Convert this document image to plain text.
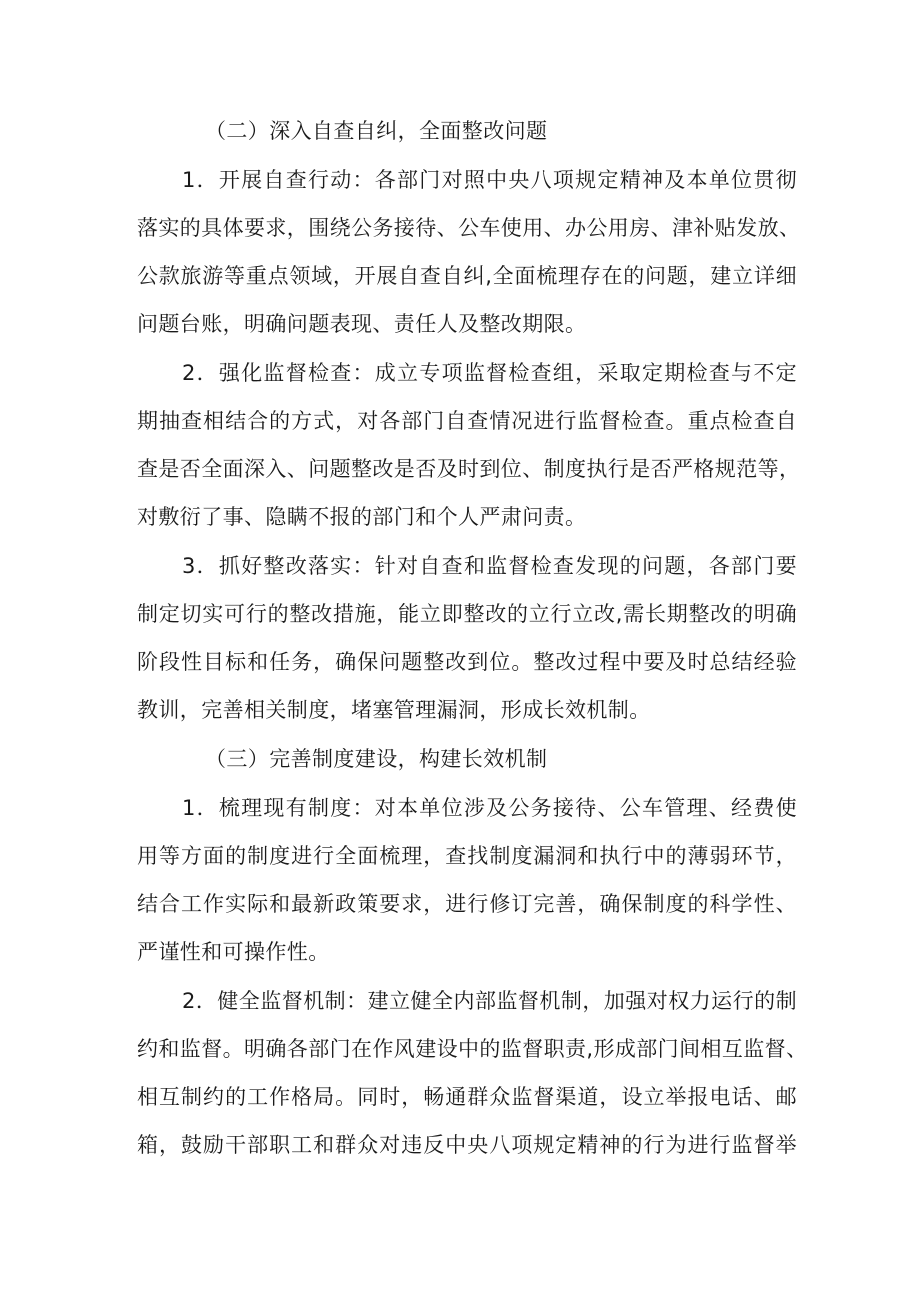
（二）深入自查自纠，全面整改问题
1．开展自查行动：各部门对照中央八项规定精神及本单位贯彻
落实的具体要求，围绕公务接待、公车使用、办公用房、津补贴发放、
公款旅游等重点领域，开展自查自纠,全面梳理存在的问题，建立详细
问题台账，明确问题表现、责任人及整改期限。
2．强化监督检查：成立专项监督检查组，采取定期检查与不定
期抽查相结合的方式，对各部门自查情况进行监督检查。重点检查自
查是否全面深入、问题整改是否及时到位、制度执行是否严格规范等，
对敷衍了事、隐瞒不报的部门和个人严肃问责。
3．抓好整改落实：针对自查和监督检查发现的问题，各部门要
制定切实可行的整改措施，能立即整改的立行立改,需长期整改的明确
阶段性目标和任务，确保问题整改到位。整改过程中要及时总结经验
教训，完善相关制度，堵塞管理漏洞，形成长效机制。
（三）完善制度建设，构建长效机制
1．梳理现有制度：对本单位涉及公务接待、公车管理、经费使
用等方面的制度进行全面梳理，查找制度漏洞和执行中的薄弱环节，
结合工作实际和最新政策要求，进行修订完善，确保制度的科学性、
严谨性和可操作性。
2．健全监督机制：建立健全内部监督机制，加强对权力运行的制
约和监督。明确各部门在作风建设中的监督职责,形成部门间相互监督、
相互制约的工作格局。同时，畅通群众监督渠道，设立举报电话、邮
箱，鼓励干部职工和群众对违反中央八项规定精神的行为进行监督举
